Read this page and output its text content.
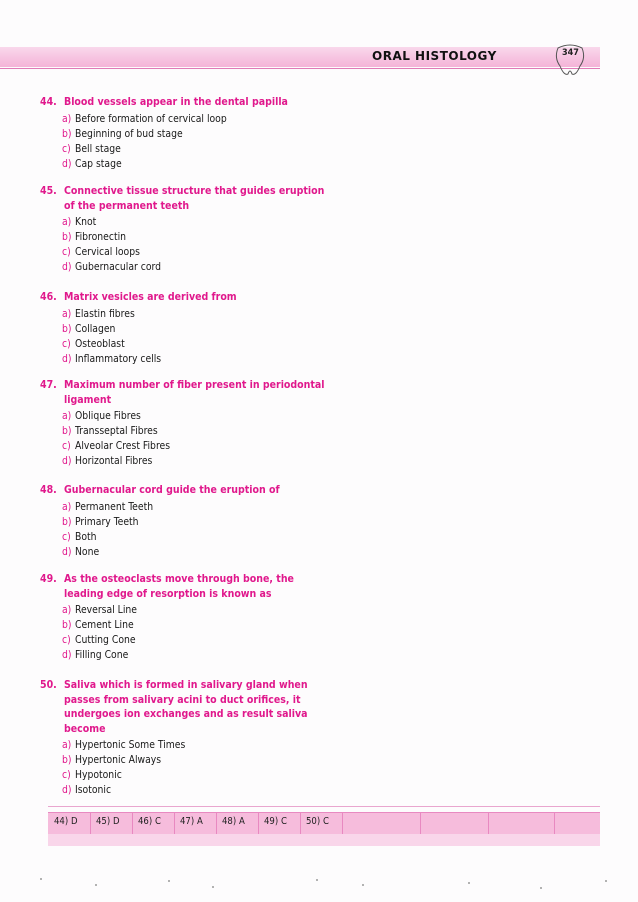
ORAL HISTOLOGY	347
44. Blood vessels appear in the dental papilla
a) Before formation of cervical loop
b) Beginning of bud stage
c) Bell stage
d) Cap stage
45. Connective tissue structure that guides eruption of the permanent teeth
a) Knot
b) Fibronectin
c) Cervical loops
d) Gubernacular cord
46. Matrix vesicles are derived from
a) Elastin fibres
b) Collagen
c) Osteoblast
d) Inflammatory cells
47. Maximum number of fiber present in periodontal ligament
a) Oblique Fibres
b) Transseptal Fibres
c) Alveolar Crest Fibres
d) Horizontal Fibres
48. Gubernacular cord guide the eruption of
a) Permanent Teeth
b) Primary Teeth
c) Both
d) None
49. As the osteoclasts move through bone, the leading edge of resorption is known as
a) Reversal Line
b) Cement Line
c) Cutting Cone
d) Filling Cone
50. Saliva which is formed in salivary gland when passes from salivary acini to duct orifices, it undergoes ion exchanges and as result saliva become
a) Hypertonic Some Times
b) Hypertonic Always
c) Hypotonic
d) Isotonic
44) D 45) D 46) C 47) A 48) A 49) C 50) C
